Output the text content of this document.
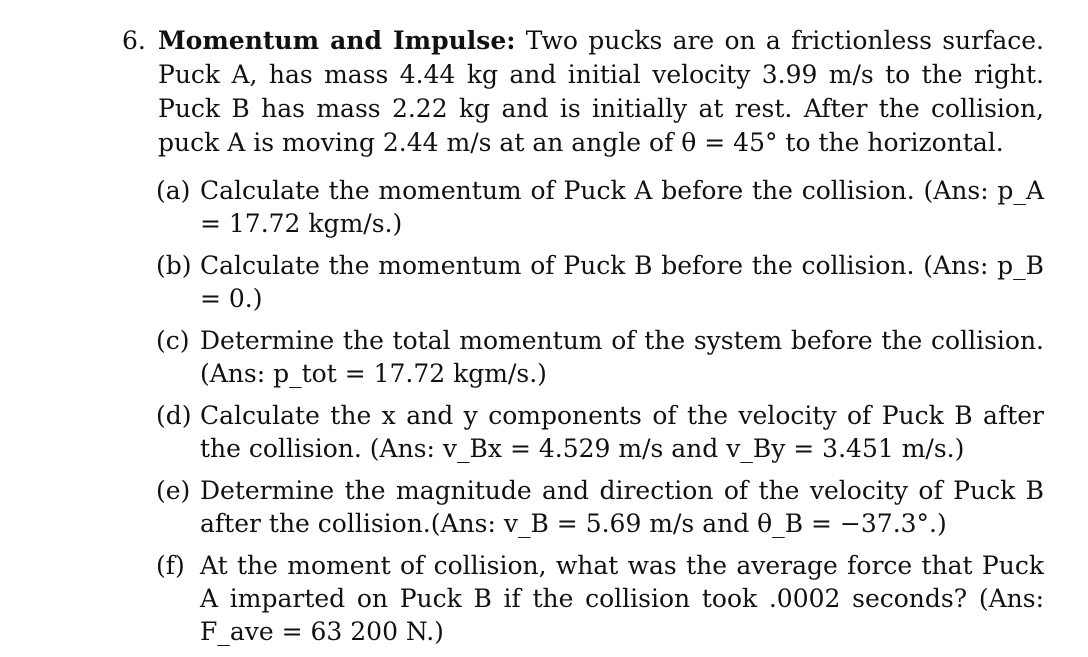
6. Momentum and Impulse: Two pucks are on a frictionless surface. Puck A, has mass 4.44 kg and initial velocity 3.99 m/s to the right. Puck B has mass 2.22 kg and is initially at rest. After the collision, puck A is moving 2.44 m/s at an angle of θ = 45° to the horizontal.
(a) Calculate the momentum of Puck A before the collision. (Ans: p_A = 17.72 kgm/s.)
(b) Calculate the momentum of Puck B before the collision. (Ans: p_B = 0.)
(c) Determine the total momentum of the system before the collision. (Ans: p_tot = 17.72 kgm/s.)
(d) Calculate the x and y components of the velocity of Puck B after the collision. (Ans: v_Bx = 4.529 m/s and v_By = 3.451 m/s.)
(e) Determine the magnitude and direction of the velocity of Puck B after the collision.(Ans: v_B = 5.69 m/s and θ_B = −37.3°.)
(f) At the moment of collision, what was the average force that Puck A imparted on Puck B if the collision took .0002 seconds? (Ans: F_ave = 63 200 N.)
